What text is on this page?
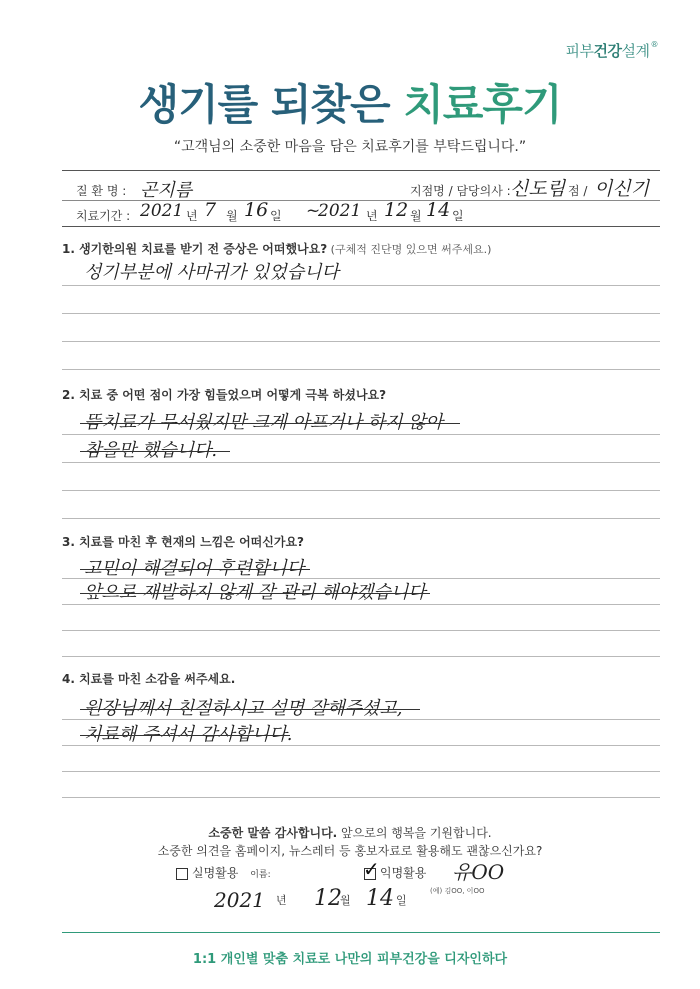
피부건강설계®
생기를 되찾은 치료후기
“고객님의 소중한 마음을 담은 치료후기를 부탁드립니다.”
질 환 명 : 곤지름	지점명 / 담당의사 : 신도림 점 / 이신기
치료기간 : 2021 년 7 월 16 일 ~
2021 년 12 월 14 일
1. 생기한의원 치료를 받기 전 증상은 어떠했나요? (구체적 진단명 있으면 써주세요.)
성기부분에 사마귀가 있었습니다
2. 치료 중 어떤 점이 가장 힘들었으며 어떻게 극복 하셨나요?
뜸치료가 무서웠지만 크게 아프거나 하지 않아
참을만 했습니다.
3. 치료를 마친 후 현재의 느낌은 어떠신가요?
고민이 해결되어 후련합니다
앞으로 재발하지 않게 잘 관리 해야겠습니다
4. 치료를 마친 소감을 써주세요.
원장님께서 친절하시고 설명 잘해주셨고,
치료해 주셔서 감사합니다.
소중한 말씀 감사합니다. 앞으로의 행복을 기원합니다.
소중한 의견을 홈페이지, 뉴스레터 등 홍보자료로 활용해도 괜찮으신가요?
실명활용 이름:	✓ 익명활용 유OO
(예) 김OO, 이OO
2021 년 12
월 14 일
1:1 개인별 맞춤 치료로 나만의 피부건강을 디자인하다
